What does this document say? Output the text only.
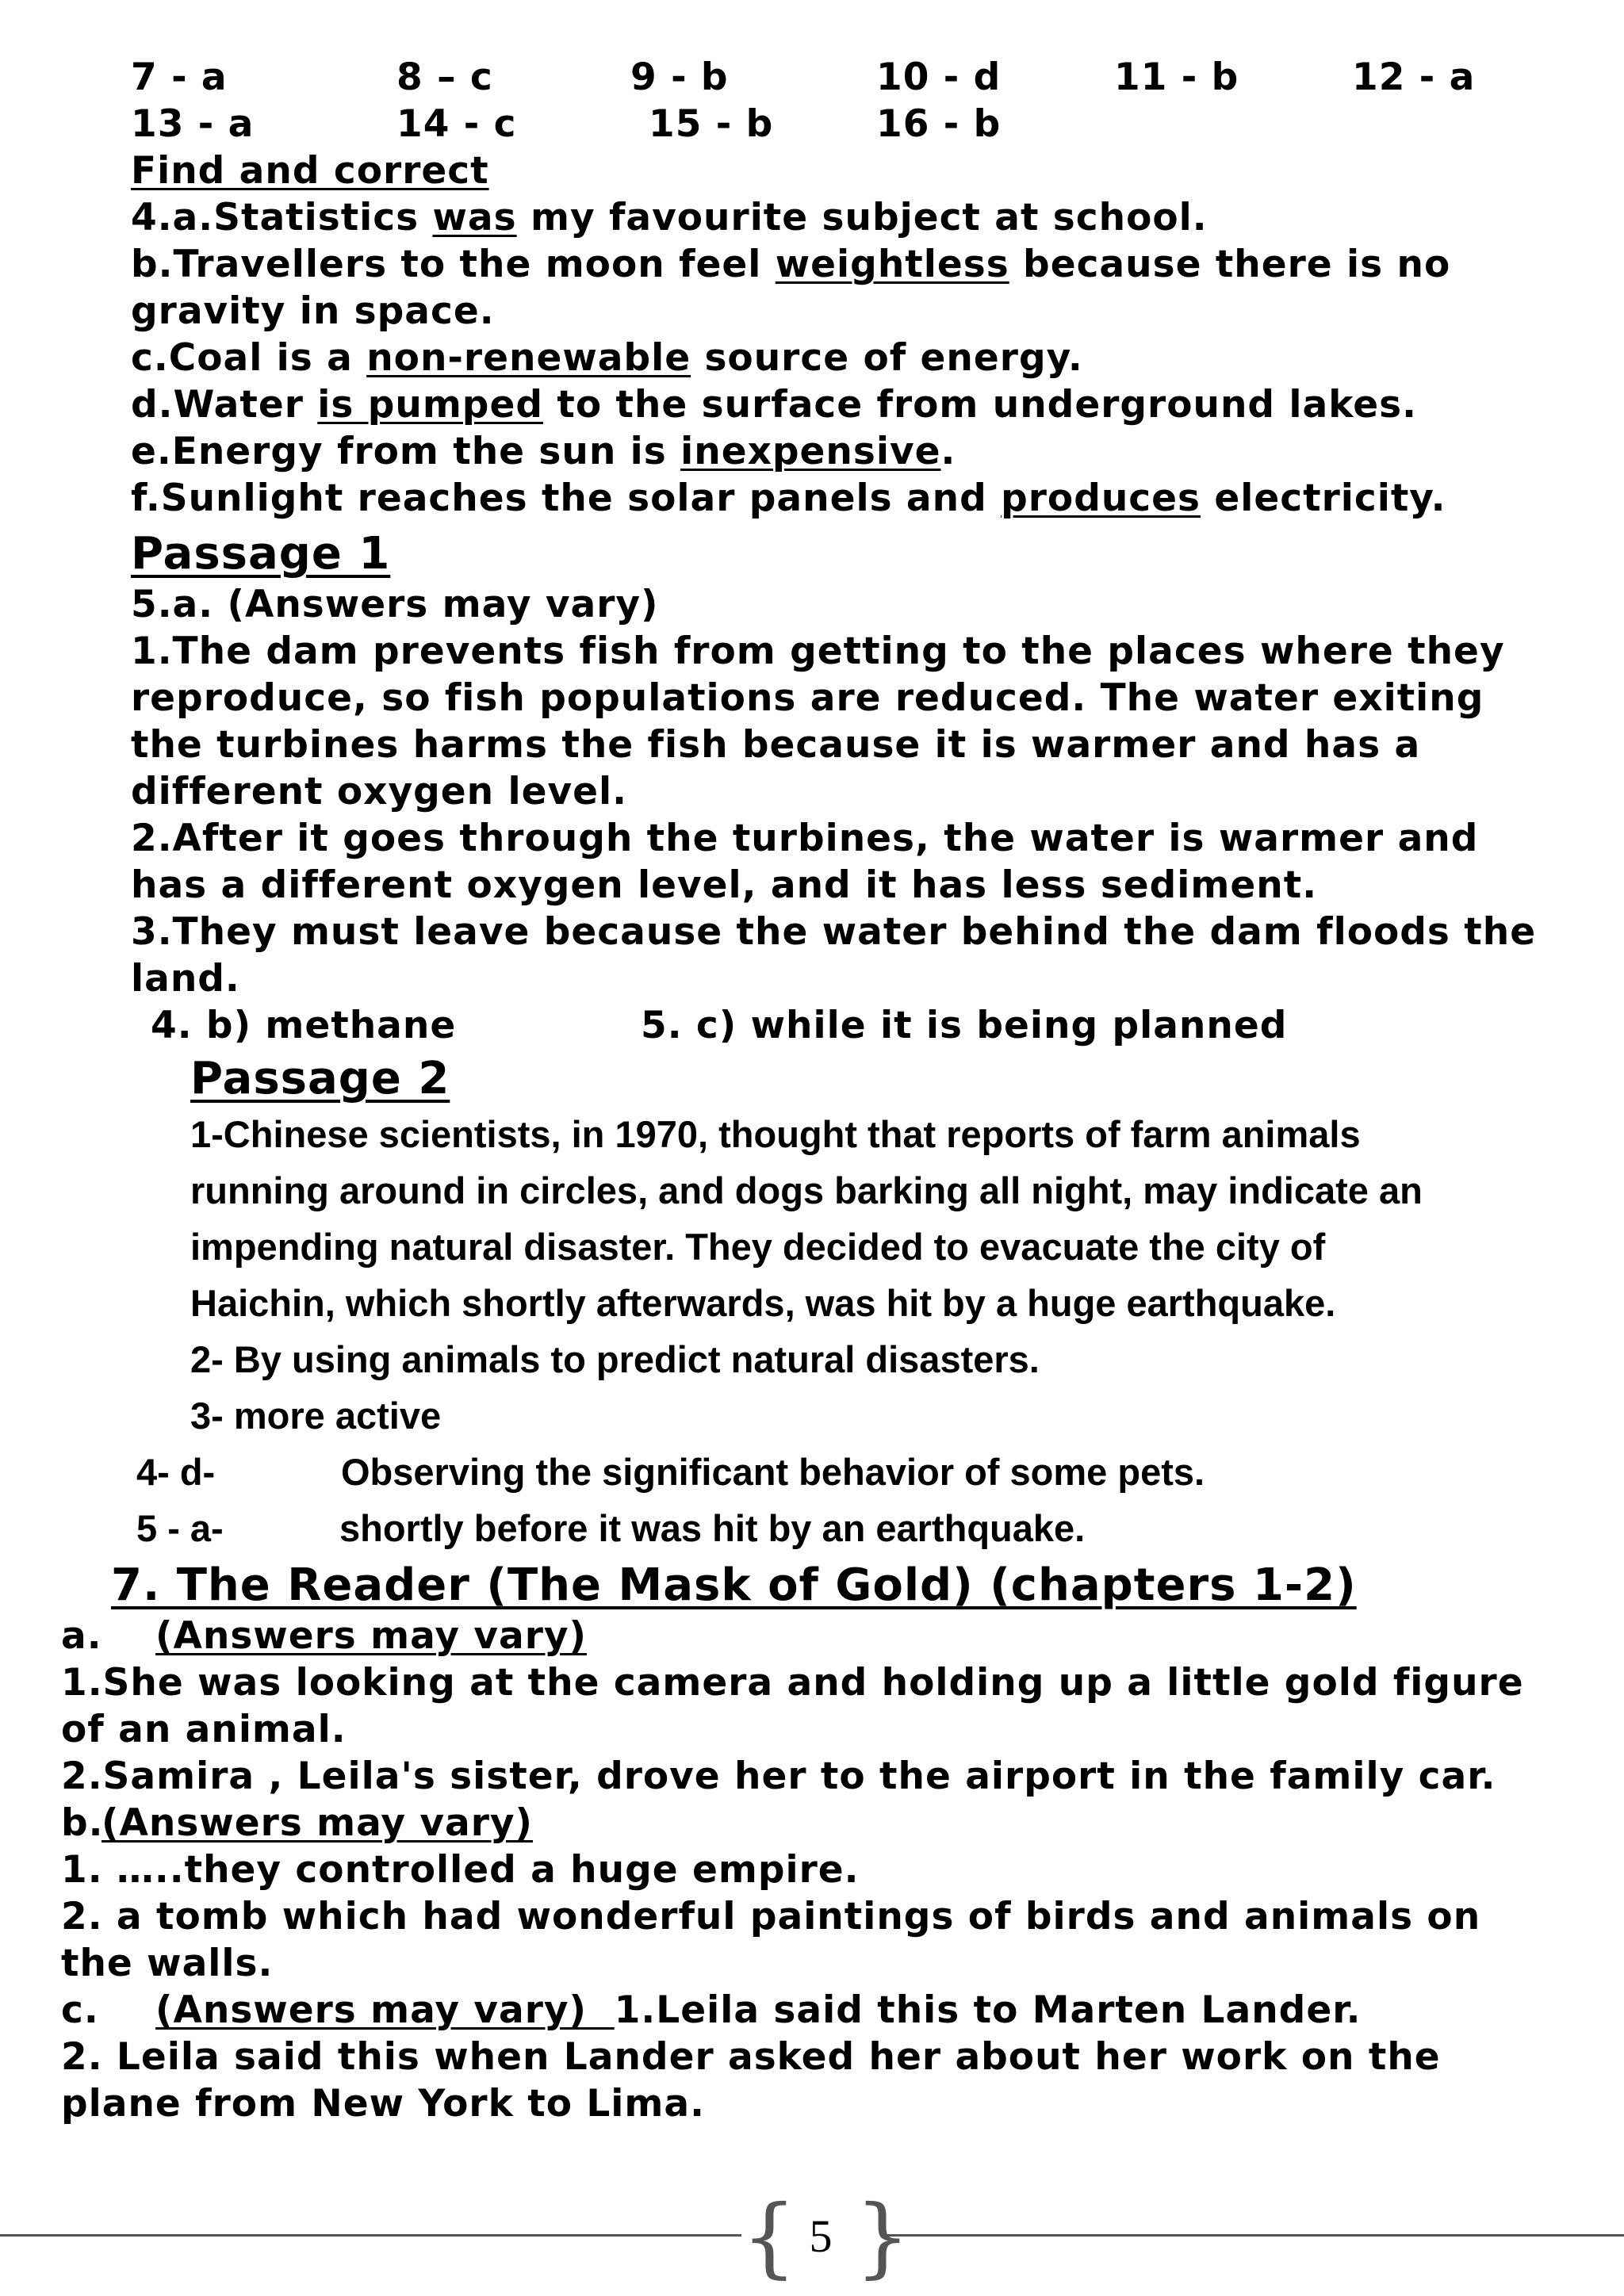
7 - a	8 – c	9 - b	10 - d	11 - b	12 - a
13 - a	14 - c	15 - b	16 - b
Find and correct
4.a.Statistics was my favourite subject at school.
b.Travellers to the moon feel weightless because there is no
gravity in space.
c.Coal is a non-renewable source of energy.
d.Water is pumped to the surface from underground lakes.
e.Energy from the sun is inexpensive.
f.Sunlight reaches the solar panels and produces electricity.
Passage 1
5.a. (Answers may vary)
1.The dam prevents fish from getting to the places where they
reproduce, so fish populations are reduced. The water exiting
the turbines harms the fish because it is warmer and has a
different oxygen level.
2.After it goes through the turbines, the water is warmer and
has a different oxygen level, and it has less sediment.
3.They must leave because the water behind the dam floods the
land.
4. b) methane	5. c) while it is being planned
Passage 2
1-Chinese scientists, in 1970, thought that reports of farm animals
running around in circles, and dogs barking all night, may indicate an
impending natural disaster. They decided to evacuate the city of
Haichin, which shortly afterwards, was hit by a huge earthquake.
2- By using animals to predict natural disasters.
3- more active
4- d-	Observing the significant behavior of some pets.
5 - a-	shortly before it was hit by an earthquake.
7. The Reader (The Mask of Gold) (chapters 1-2)
a. (Answers may vary)
1.She was looking at the camera and holding up a little gold figure
of an animal.
2.Samira , Leila's sister, drove her to the airport in the family car.
b.
(Answers may vary)
1. …..they controlled a huge empire.
2. a tomb which had wonderful paintings of birds and animals on
the walls.
c. (Answers may vary)  1.Leila said this to Marten Lander.
2. Leila said this when Lander asked her about her work on the
plane from New York to Lima.
{ }
5
